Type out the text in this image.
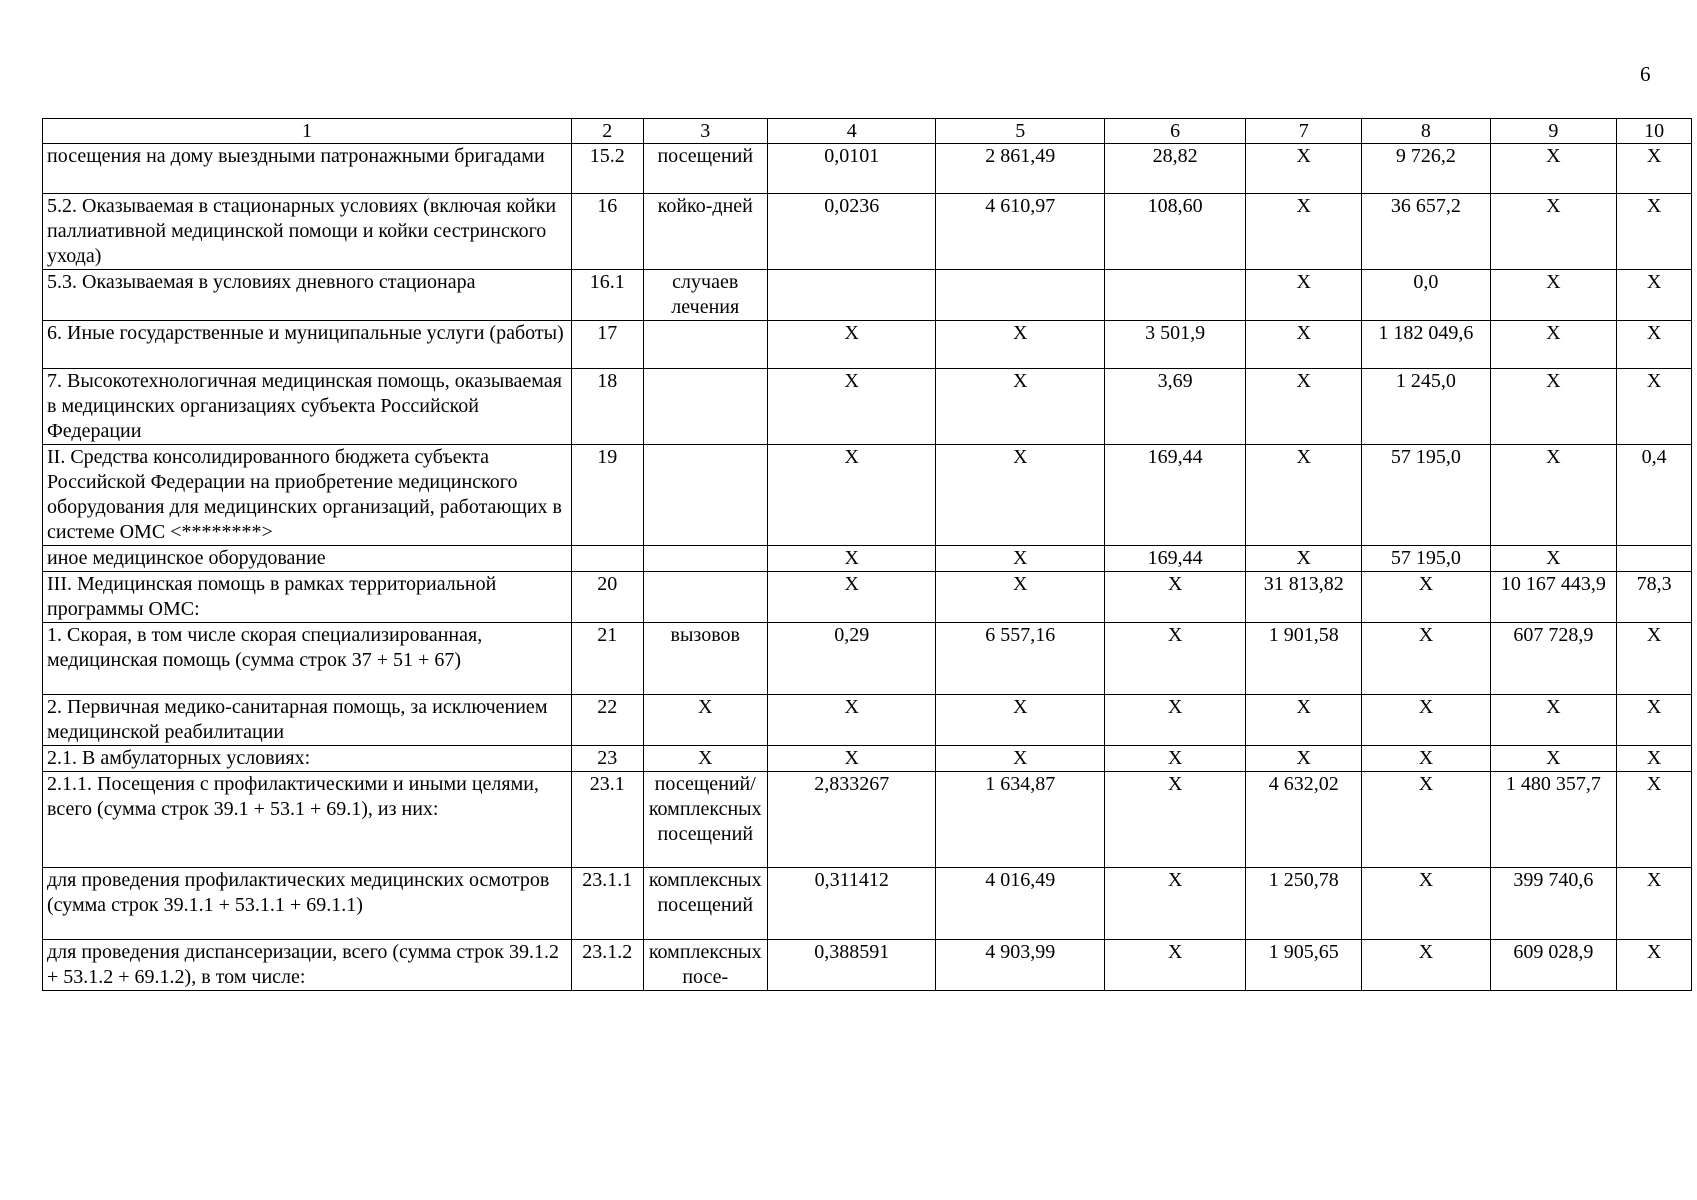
6
1	2	3	4	5	6	7	8	9	10
посещения на дому выездными патронажными бригадами	15.2	посещений	0,0101	2 861,49	28,82	X	9 726,2	X	X
5.2. Оказываемая в стационарных условиях (включая койки паллиативной медицинской помощи и койки сестринского ухода)	16	койко-дней	0,0236	4 610,97	108,60	X	36 657,2	X	X
5.3. Оказываемая в условиях дневного стационара	16.1	случаев лечения				X	0,0	X	X
6. Иные государственные и муниципальные услуги (работы)	17		X	X	3 501,9	X	1 182 049,6	X	X
7. Высокотехнологичная медицинская помощь, оказываемая в медицинских организациях субъекта Российской Федерации	18		X	X	3,69	X	1 245,0	X	X
II. Средства консолидированного бюджета субъекта Российской Федерации на приобретение медицинского оборудования для медицинских организаций, работающих в системе ОМС <********>	19		X	X	169,44	X	57 195,0	X	0,4
иное медицинское оборудование			X	X	169,44	X	57 195,0	X	
III. Медицинская помощь в рамках территориальной программы ОМС:	20		X	X	X	31 813,82	X	10 167 443,9	78,3
1. Скорая, в том числе скорая специализированная, медицинская помощь (сумма строк 37 + 51 + 67)	21	вызовов	0,29	6 557,16	X	1 901,58	X	607 728,9	X
2. Первичная медико-санитарная помощь, за исключением медицинской реабилитации	22	X	X	X	X	X	X	X	X
2.1. В амбулаторных условиях:	23	X	X	X	X	X	X	X	X
2.1.1. Посещения с профилактическими и иными целями, всего (сумма строк 39.1 + 53.1 + 69.1), из них:	23.1	посещений/комплексных посещений	2,833267	1 634,87	X	4 632,02	X	1 480 357,7	X
для проведения профилактических медицинских осмотров (сумма строк 39.1.1 + 53.1.1 + 69.1.1)	23.1.1	комплексных посещений	0,311412	4 016,49	X	1 250,78	X	399 740,6	X
для проведения диспансеризации, всего (сумма строк 39.1.2 + 53.1.2 + 69.1.2), в том числе:	23.1.2	комплексных посе-	0,388591	4 903,99	X	1 905,65	X	609 028,9	X
